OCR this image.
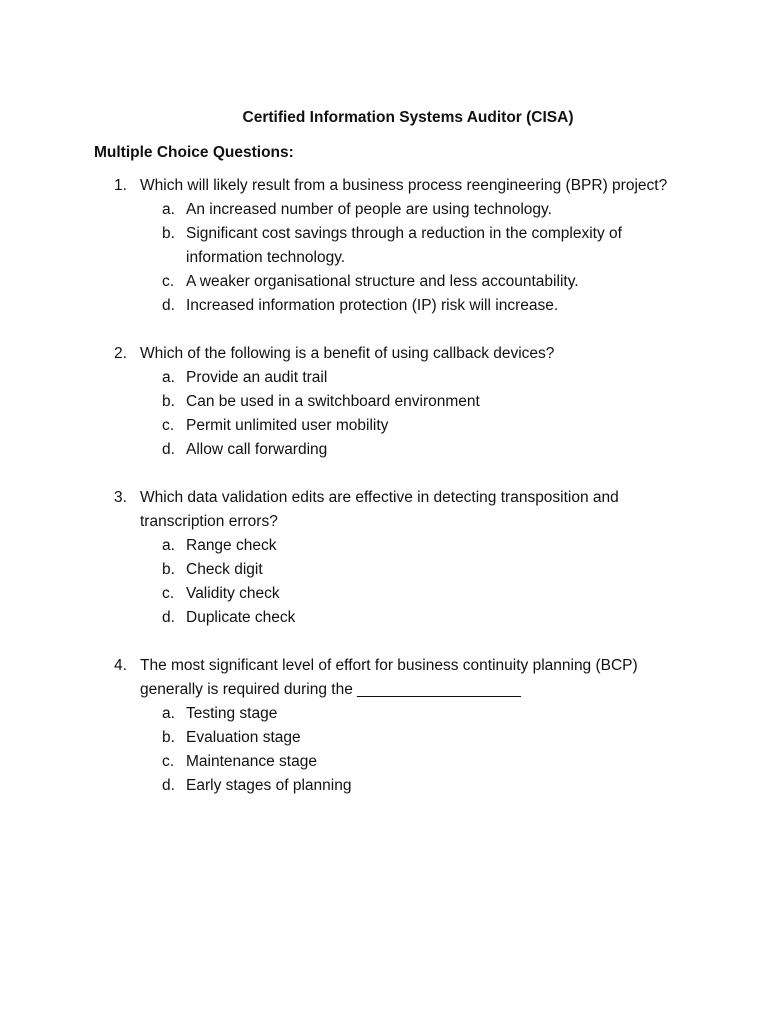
Certified Information Systems Auditor (CISA)
Multiple Choice Questions:
1. Which will likely result from a business process reengineering (BPR) project?
a. An increased number of people are using technology.
b. Significant cost savings through a reduction in the complexity of information technology.
c. A weaker organisational structure and less accountability.
d. Increased information protection (IP) risk will increase.
2. Which of the following is a benefit of using callback devices?
a. Provide an audit trail
b. Can be used in a switchboard environment
c. Permit unlimited user mobility
d. Allow call forwarding
3. Which data validation edits are effective in detecting transposition and transcription errors?
a. Range check
b. Check digit
c. Validity check
d. Duplicate check
4. The most significant level of effort for business continuity planning (BCP) generally is required during the ___________________
a. Testing stage
b. Evaluation stage
c. Maintenance stage
d. Early stages of planning
